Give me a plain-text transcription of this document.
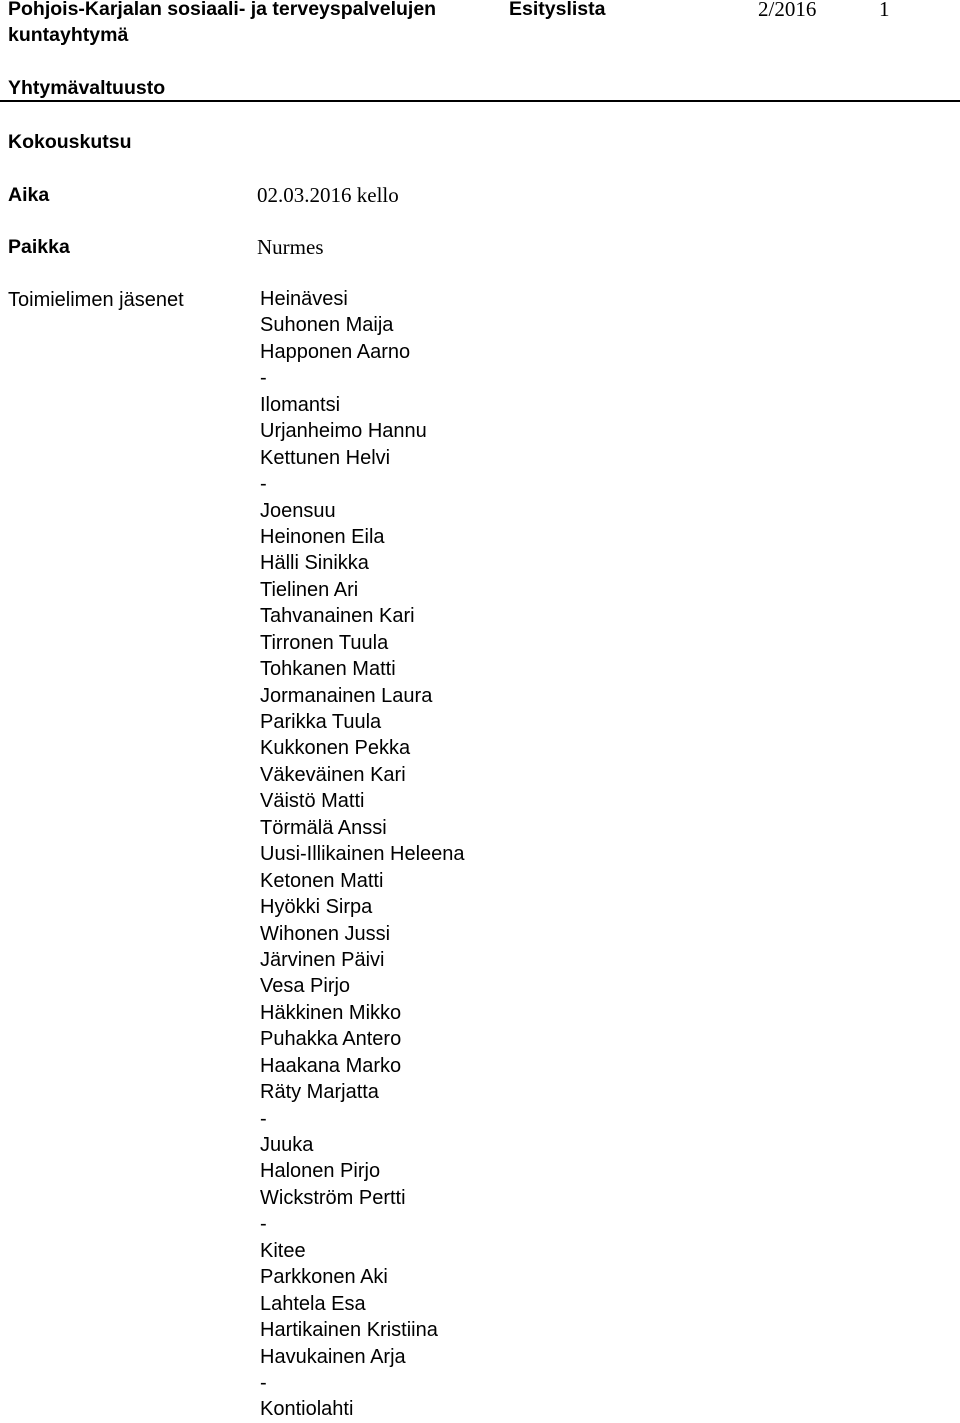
Pohjois-Karjalan sosiaali- ja terveyspalvelujen
kuntayhtymä
Esityslista	2/2016	1
Yhtymävaltuusto
Kokouskutsu
Aika	02.03.2016 kello
Paikka	Nurmes
Toimielimen jäsenet	Heinävesi
Suhonen Maija
Happonen Aarno
-
Ilomantsi
Urjanheimo Hannu
Kettunen Helvi
-
Joensuu
Heinonen Eila
Hälli Sinikka
Tielinen Ari
Tahvanainen Kari
Tirronen Tuula
Tohkanen Matti
Jormanainen Laura
Parikka Tuula
Kukkonen Pekka
Väkeväinen Kari
Väistö Matti
Törmälä Anssi
Uusi-Illikainen Heleena
Ketonen Matti
Hyökki Sirpa
Wihonen Jussi
Järvinen Päivi
Vesa Pirjo
Häkkinen Mikko
Puhakka Antero
Haakana Marko
Räty Marjatta
-
Juuka
Halonen Pirjo
Wickström Pertti
-
Kitee
Parkkonen Aki
Lahtela Esa
Hartikainen Kristiina
Havukainen Arja
-
Kontiolahti
